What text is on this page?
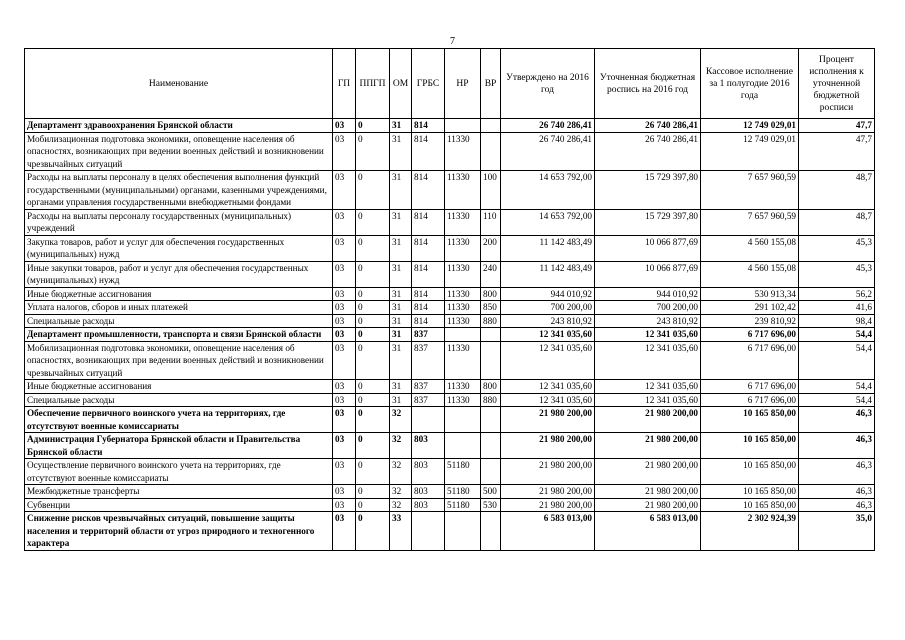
7
Наименование	ГП	ППГП	ОМ	ГРБС	НР	ВР	Утверждено на 2016 год	Уточненная бюджетная роспись на 2016 год	Кассовое исполнение за 1 полугодие 2016 года	Процент исполнения к уточненной бюджетной росписи
Департамент здравоохранения Брянской области	03	0	31	814			26 740 286,41	26 740 286,41	12 749 029,01	47,7
Мобилизационная подготовка экономики, оповещение населения об опасностях, возникающих при ведении военных действий и возникновении чрезвычайных ситуаций	03	0	31	814	11330		26 740 286,41	26 740 286,41	12 749 029,01	47,7
Расходы на выплаты персоналу в целях обеспечения выполнения функций государственными (муниципальными) органами, казенными учреждениями, органами управления государственными внебюджетными фондами	03	0	31	814	11330	100	14 653 792,00	15 729 397,80	7 657 960,59	48,7
Расходы на выплаты персоналу государственных (муниципальных) учреждений	03	0	31	814	11330	110	14 653 792,00	15 729 397,80	7 657 960,59	48,7
Закупка товаров, работ и услуг для обеспечения государственных (муниципальных) нужд	03	0	31	814	11330	200	11 142 483,49	10 066 877,69	4 560 155,08	45,3
Иные закупки товаров, работ и услуг для обеспечения государственных (муниципальных) нужд	03	0	31	814	11330	240	11 142 483,49	10 066 877,69	4 560 155,08	45,3
Иные бюджетные ассигнования	03	0	31	814	11330	800	944 010,92	944 010,92	530 913,34	56,2
Уплата налогов, сборов и иных платежей	03	0	31	814	11330	850	700 200,00	700 200,00	291 102,42	41,6
Специальные расходы	03	0	31	814	11330	880	243 810,92	243 810,92	239 810,92	98,4
Департамент промышленности, транспорта и связи Брянской области	03	0	31	837			12 341 035,60	12 341 035,60	6 717 696,00	54,4
Мобилизационная подготовка экономики, оповещение населения об опасностях, возникающих при ведении военных действий и возникновении чрезвычайных ситуаций	03	0	31	837	11330		12 341 035,60	12 341 035,60	6 717 696,00	54,4
Иные бюджетные ассигнования	03	0	31	837	11330	800	12 341 035,60	12 341 035,60	6 717 696,00	54,4
Специальные расходы	03	0	31	837	11330	880	12 341 035,60	12 341 035,60	6 717 696,00	54,4
Обеспечение первичного воинского учета на территориях, где отсутствуют военные комиссариаты	03	0	32				21 980 200,00	21 980 200,00	10 165 850,00	46,3
Администрация Губернатора Брянской области и Правительства Брянской области	03	0	32	803			21 980 200,00	21 980 200,00	10 165 850,00	46,3
Осуществление первичного воинского учета на территориях, где отсутствуют военные комиссариаты	03	0	32	803	51180		21 980 200,00	21 980 200,00	10 165 850,00	46,3
Межбюджетные трансферты	03	0	32	803	51180	500	21 980 200,00	21 980 200,00	10 165 850,00	46,3
Субвенции	03	0	32	803	51180	530	21 980 200,00	21 980 200,00	10 165 850,00	46,3
Снижение рисков чрезвычайных ситуаций, повышение защиты населения и территорий области от угроз природного и техногенного характера	03	0	33				6 583 013,00	6 583 013,00	2 302 924,39	35,0
